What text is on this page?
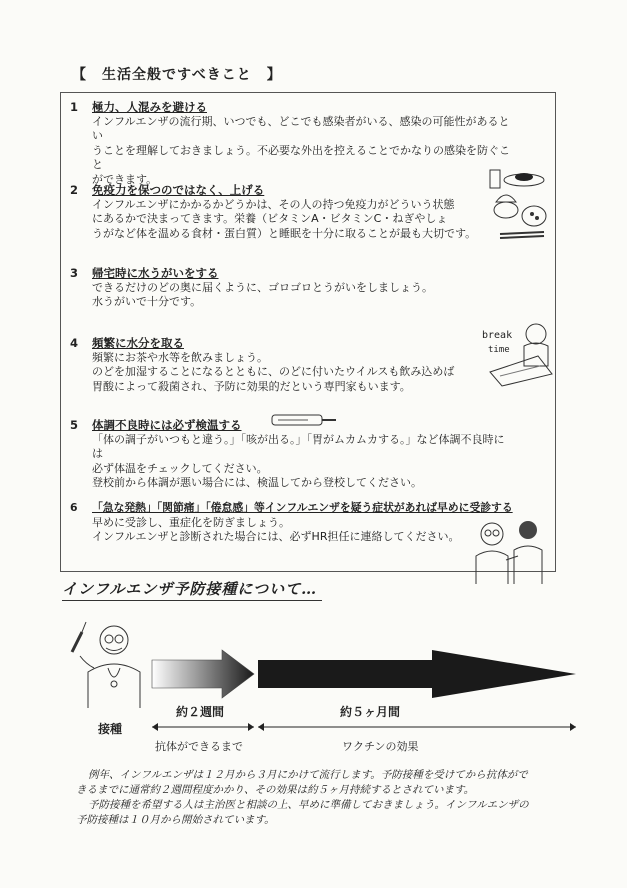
【　生活全般ですべきこと　】
1 極力、人混みを避ける
インフルエンザの流行期、いつでも、どこでも感染者がいる、感染の可能性があるとい
うことを理解しておきましょう。不必要な外出を控えることでかなりの感染を防ぐこと
ができます。
2 免疫力を保つのではなく、上げる
インフルエンザにかかるかどうかは、その人の持つ免疫力がどういう状態
にあるかで決まってきます。栄養（ビタミンA・ビタミンC・ねぎやしょ
うがなど体を温める食材・蛋白質）と睡眠を十分に取ることが最も大切です。
3 帰宅時に水うがいをする
できるだけのどの奥に届くように、ゴロゴロとうがいをしましょう。
水うがいで十分です。
4 頻繁に水分を取る
頻繁にお茶や水等を飲みましょう。
のどを加湿することになるとともに、のどに付いたウイルスも飲み込めば
胃酸によって殺菌され、予防に効果的だという専門家もいます。
5 体調不良時には必ず検温する
「体の調子がいつもと違う。」「咳が出る。」「胃がムカムカする。」など体調不良時には
必ず体温をチェックしてください。
登校前から体調が悪い場合には、検温してから登校してください。
6 「急な発熱」「関節痛」「倦怠感」等インフルエンザを疑う症状があれば早めに受診する
早めに受診し、重症化を防ぎましょう。
インフルエンザと診断された場合には、必ずHR担任に連絡してください。
break
time
インフルエンザ予防接種について…
接種
約２週間	約５ヶ月間
抗体ができるまで	ワクチンの効果
例年、インフルエンザは１２月から３月にかけて流行します。予防接種を受けてから抗体がで
きるまでに通常約２週間程度かかり、その効果は約５ヶ月持続するとされています。
予防接種を希望する人は主治医と相談の上、早めに準備しておきましょう。インフルエンザの
予防接種は１０月から開始されています。
